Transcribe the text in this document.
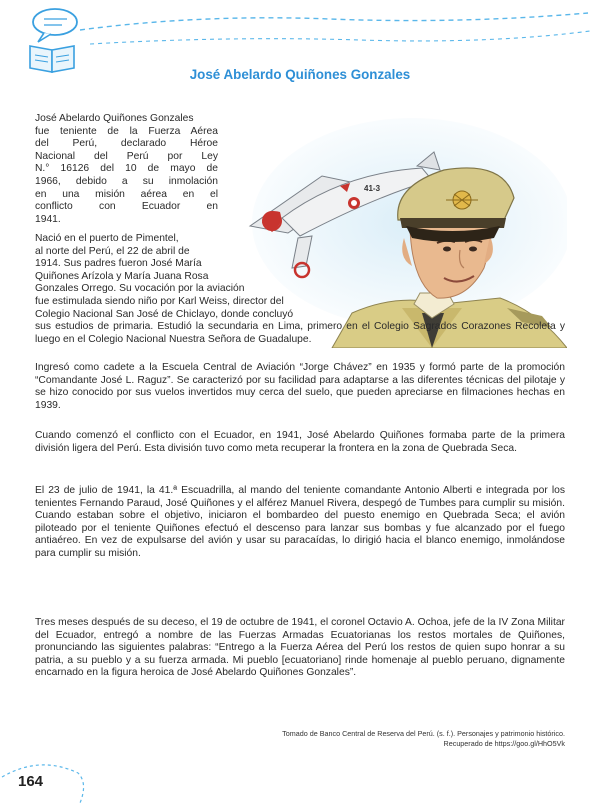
José Abelardo Quiñones Gonzales
41-3

José Abelardo Quiñones Gonzales
fue teniente de la Fuerza Aérea
del Perú, declarado Héroe
Nacional del Perú por Ley
N.° 16126 del 10 de mayo de
1966, debido a su inmolación
en una misión aérea en el
conflicto con Ecuador en
1941.

Nació en el puerto de Pimentel,
al norte del Perú, el 22 de abril de
1914. Sus padres fueron José María
Quiñones Arízola y María Juana Rosa
Gonzales Orrego. Su vocación por la aviación
fue estimulada siendo niño por Karl Weiss, director del
Colegio Nacional San José de Chiclayo, donde concluyó

sus estudios de primaria. Estudió la secundaria en Lima, primero en el Colegio Sagrados Corazones Recoleta y luego en el Colegio Nacional Nuestra Señora de Guadalupe.

Ingresó como cadete a la Escuela Central de Aviación “Jorge Chávez” en 1935 y formó parte de la promoción “Comandante José L. Raguz”. Se caracterizó por su facilidad para adaptarse a las diferentes técnicas del pilotaje y se hizo conocido por sus vuelos invertidos muy cerca del suelo, que pueden apreciarse en filmaciones hechas en 1939.

Cuando comenzó el conflicto con el Ecuador, en 1941, José Abelardo Quiñones formaba parte de la primera división ligera del Perú. Esta división tuvo como meta recuperar la frontera en la zona de Quebrada Seca.

El 23 de julio de 1941, la 41.ª Escuadrilla, al mando del teniente comandante Antonio Alberti e integrada por los tenientes Fernando Paraud, José Quiñones y el alférez Manuel Rivera, despegó de Tumbes para cumplir su misión. Cuando estaban sobre el objetivo, iniciaron el bombardeo del puesto enemigo en Quebrada Seca; el avión piloteado por el teniente Quiñones efectuó el descenso para lanzar sus bombas y fue alcanzado por el fuego antiaéreo. En vez de expulsarse del avión y usar su paracaídas, lo dirigió hacia el blanco enemigo, inmolándose para cumplir su misión.

Tres meses después de su deceso, el 19 de octubre de 1941, el coronel Octavio A. Ochoa, jefe de la IV Zona Militar del Ecuador, entregó a nombre de las Fuerzas Armadas Ecuatorianas los restos mortales de Quiñones, pronunciando las siguientes palabras: “Entrego a la Fuerza Aérea del Perú los restos de quien supo honrar a su patria, a su pueblo y a su fuerza armada. Mi pueblo [ecuatoriano] rinde homenaje al pueblo peruano, dignamente encarnado en la figura heroica de José Abelardo Quiñones Gonzales”.

Tomado de Banco Central de Reserva del Perú. (s. f.). Personajes y patrimonio histórico.
Recuperado de https://goo.gl/HhO5Vk
164
